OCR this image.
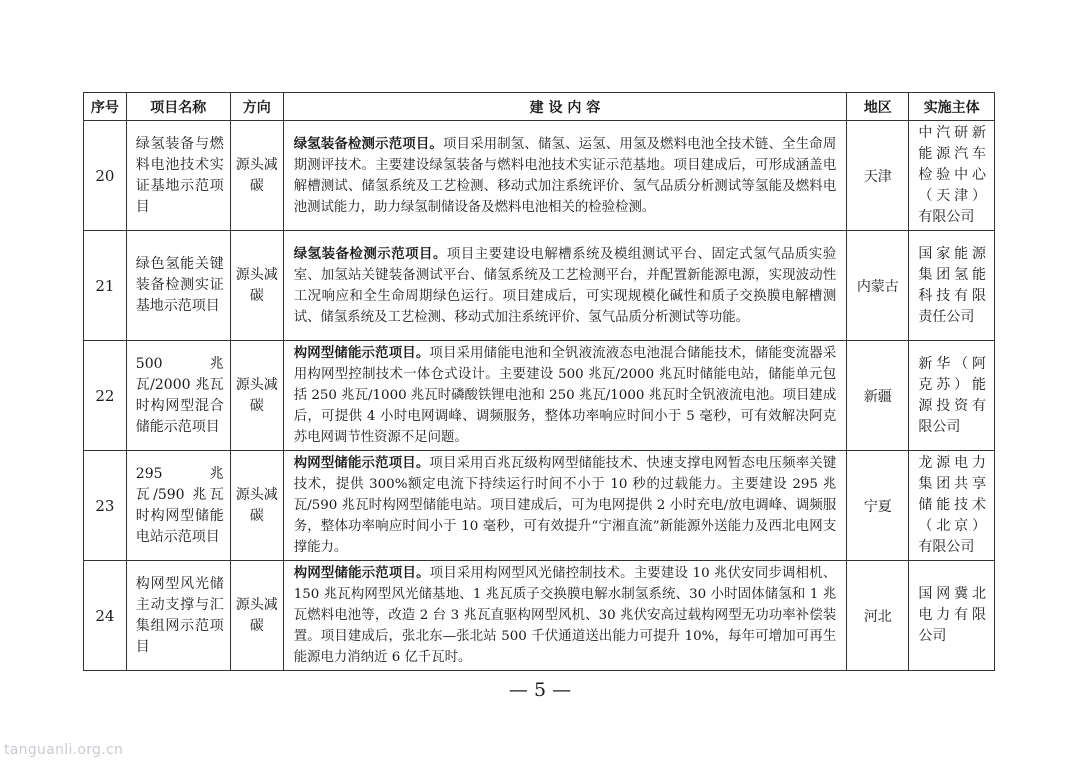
序号	项目名称	方向	建 设 内 容	地区	实施主体
20	绿氢装备与燃料电池技术实证基地示范项目	源头减碳	绿氢装备检测示范项目。项目采用制氢、储氢、运氢、用氢及燃料电池全技术链、全生命周期测评技术。主要建设绿氢装备与燃料电池技术实证示范基地。项目建成后，可形成涵盖电解槽测试、储氢系统及工艺检测、移动式加注系统评价、氢气品质分析测试等氢能及燃料电池测试能力，助力绿氢制储设备及燃料电池相关的检验检测。	天津	中汽研新能源汽车检验中心（天津）有限公司
21	绿色氢能关键装备检测实证基地示范项目	源头减碳	绿氢装备检测示范项目。项目主要建设电解槽系统及模组测试平台、固定式氢气品质实验室、加氢站关键装备测试平台、储氢系统及工艺检测平台，并配置新能源电源，实现波动性工况响应和全生命周期绿色运行。项目建成后，可实现规模化碱性和质子交换膜电解槽测试、储氢系统及工艺检测、移动式加注系统评价、氢气品质分析测试等功能。	内蒙古	国家能源集团氢能科技有限责任公司
22	500 兆瓦/2000 兆瓦时构网型混合储能示范项目	源头减碳	构网型储能示范项目。项目采用储能电池和全钒液流液态电池混合储能技术，储能变流器采用构网型控制技术一体仓式设计。主要建设 500 兆瓦/2000 兆瓦时储能电站，储能单元包括 250 兆瓦/1000 兆瓦时磷酸铁锂电池和 250 兆瓦/1000 兆瓦时全钒液流电池。项目建成后，可提供 4 小时电网调峰、调频服务，整体功率响应时间小于 5 毫秒，可有效解决阿克苏电网调节性资源不足问题。	新疆	新华（阿克苏）能源投资有限公司
23	295 兆瓦/590 兆瓦时构网型储能电站示范项目	源头减碳	构网型储能示范项目。项目采用百兆瓦级构网型储能技术、快速支撑电网暂态电压频率关键技术，提供 300%额定电流下持续运行时间不小于 10 秒的过载能力。主要建设 295 兆瓦/590 兆瓦时构网型储能电站。项目建成后，可为电网提供 2 小时充电/放电调峰、调频服务，整体功率响应时间小于 10 毫秒，可有效提升“宁湘直流”新能源外送能力及西北电网支撑能力。	宁夏	龙源电力集团共享储能技术（北京）有限公司
24	构网型风光储主动支撑与汇集组网示范项目	源头减碳	构网型储能示范项目。项目采用构网型风光储控制技术。主要建设 10 兆伏安同步调相机、150 兆瓦构网型风光储基地、1 兆瓦质子交换膜电解水制氢系统、30 小时固体储氢和 1 兆瓦燃料电池等，改造 2 台 3 兆瓦直驱构网型风机、30 兆伏安高过载构网型无功功率补偿装置。项目建成后，张北东—张北站 500 千伏通道送出能力可提升 10%，每年可增加可再生能源电力消纳近 6 亿千瓦时。	河北	国网冀北电力有限公司
— 5 —
tanguanli.org.cn
